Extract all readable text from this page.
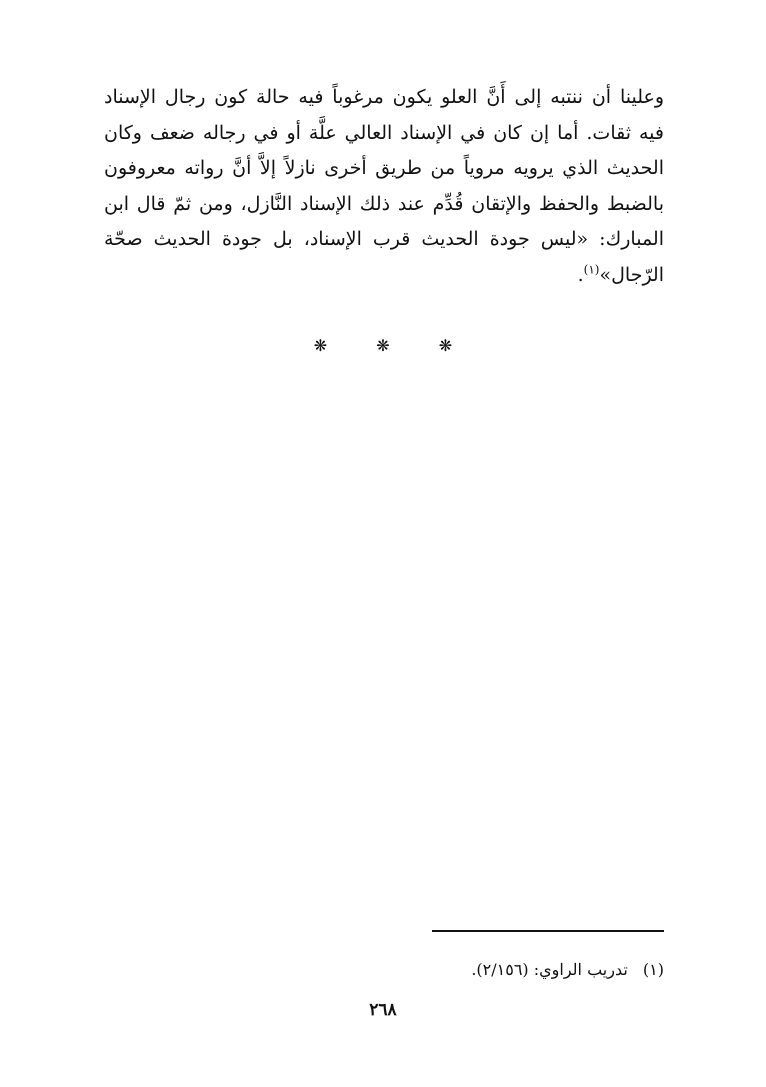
وعلينا أن ننتبه إلى أَنَّ العلو يكون مرغوباً فيه حالة كون رجال الإسناد
فيه ثقات. أما إن كان في الإسناد العالي علَّة أو في رجاله ضعف وكان
الحديث الذي يرويه مروياً من طريق أخرى نازلاً إلاَّ أنَّ رواته معروفون
بالضبط والحفظ والإتقان قُدِّم عند ذلك الإسناد النَّازل، ومن ثمّ قال ابن
المبارك: «ليس جودة الحديث قرب الإسناد، بل جودة الحديث صحّة
الرّجال»$^{(١)}$.
❋ ❋ ❋
(١) تدريب الراوي: (٢/١٥٦).
٢٦٨
